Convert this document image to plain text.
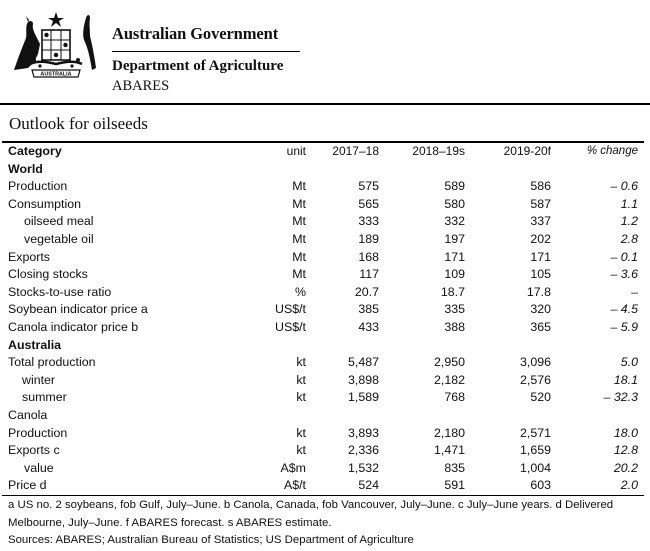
AUSTRALIA
Australian Government
Department of Agriculture
ABARES
Outlook for oilseeds
Category	unit	2017–18	2018–19s	2019-20f	% change
World					
Production	Mt	575	589	586	– 0.6
Consumption	Mt	565	580	587	1.1
oilseed meal	Mt	333	332	337	1.2
vegetable oil	Mt	189	197	202	2.8
Exports	Mt	168	171	171	– 0.1
Closing stocks	Mt	117	109	105	– 3.6
Stocks-to-use ratio	%	20.7	18.7	17.8	–
Soybean indicator price a	US$/t	385	335	320	– 4.5
Canola indicator price b	US$/t	433	388	365	– 5.9
Australia					
Total production	kt	5,487	2,950	3,096	5.0
winter	kt	3,898	2,182	2,576	18.1
summer	kt	1,589	768	520	– 32.3
Canola					
Production	kt	3,893	2,180	2,571	18.0
Exports c	kt	2,336	1,471	1,659	12.8
value	A$m	1,532	835	1,004	20.2
Price d	A$/t	524	591	603	2.0
a US no. 2 soybeans, fob Gulf, July–June. b Canola, Canada, fob Vancouver, July–June. c July–June years. d Delivered
Melbourne, July–June. f ABARES forecast. s ABARES estimate.
Sources: ABARES; Australian Bureau of Statistics; US Department of Agriculture
